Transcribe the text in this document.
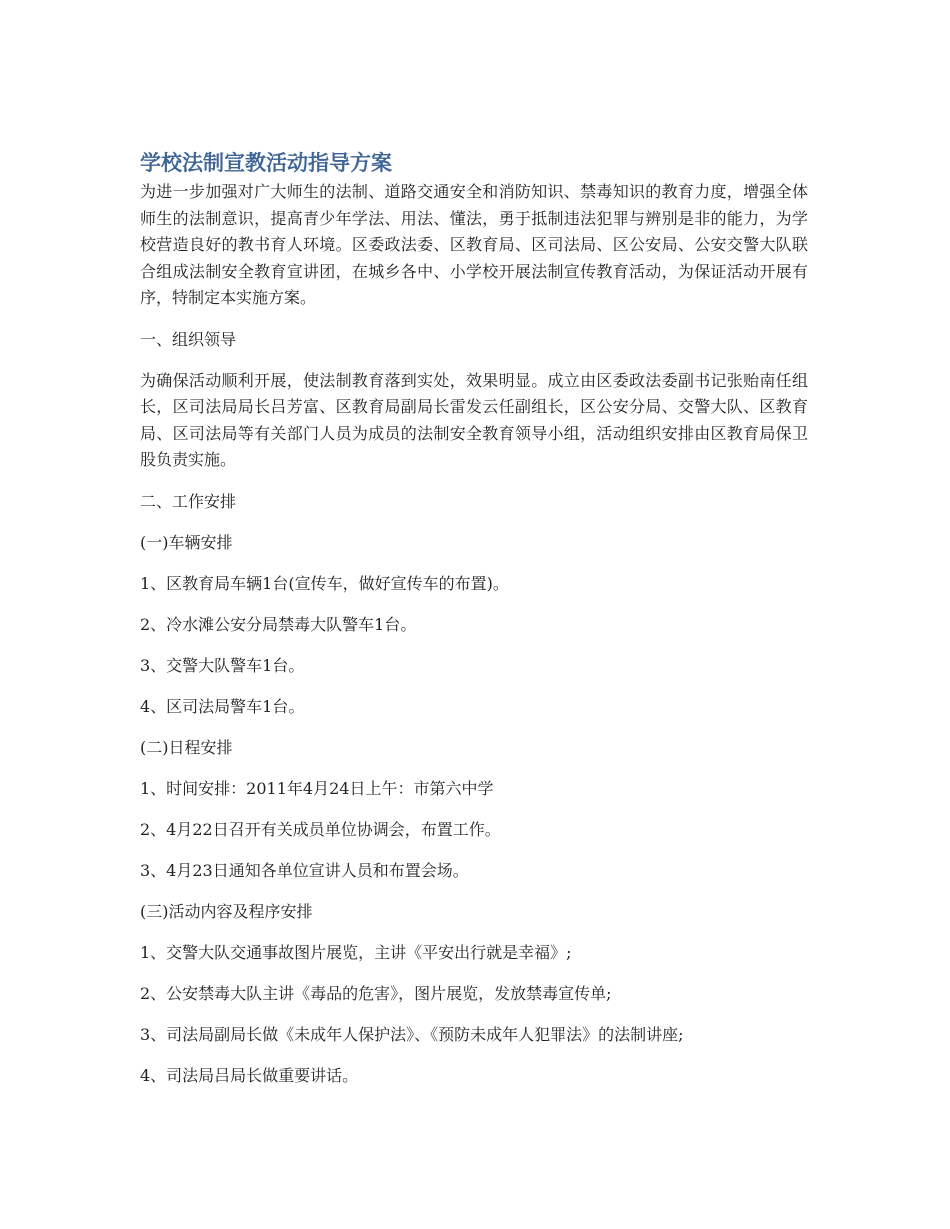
学校法制宣教活动指导方案

为进一步加强对广大师生的法制、道路交通安全和消防知识、禁毒知识的教育力度，增强全体师生的法制意识，提高青少年学法、用法、懂法，勇于抵制违法犯罪与辨别是非的能力，为学校营造良好的教书育人环境。区委政法委、区教育局、区司法局、区公安局、公安交警大队联合组成法制安全教育宣讲团，在城乡各中、小学校开展法制宣传教育活动，为保证活动开展有序，特制定本实施方案。

一、组织领导

为确保活动顺利开展，使法制教育落到实处，效果明显。成立由区委政法委副书记张贻南任组长，区司法局局长吕芳富、区教育局副局长雷发云任副组长，区公安分局、交警大队、区教育局、区司法局等有关部门人员为成员的法制安全教育领导小组，活动组织安排由区教育局保卫股负责实施。

二、工作安排

(一)车辆安排

1、区教育局车辆1台(宣传车，做好宣传车的布置)。

2、冷水滩公安分局禁毒大队警车1台。

3、交警大队警车1台。

4、区司法局警车1台。

(二)日程安排

1、时间安排：2011年4月24日上午：市第六中学

2、4月22日召开有关成员单位协调会，布置工作。

3、4月23日通知各单位宣讲人员和布置会场。

(三)活动内容及程序安排

1、交警大队交通事故图片展览，主讲《平安出行就是幸福》;

2、公安禁毒大队主讲《毒品的危害》，图片展览，发放禁毒宣传单;

3、司法局副局长做《未成年人保护法》、《预防未成年人犯罪法》的法制讲座;

4、司法局吕局长做重要讲话。
